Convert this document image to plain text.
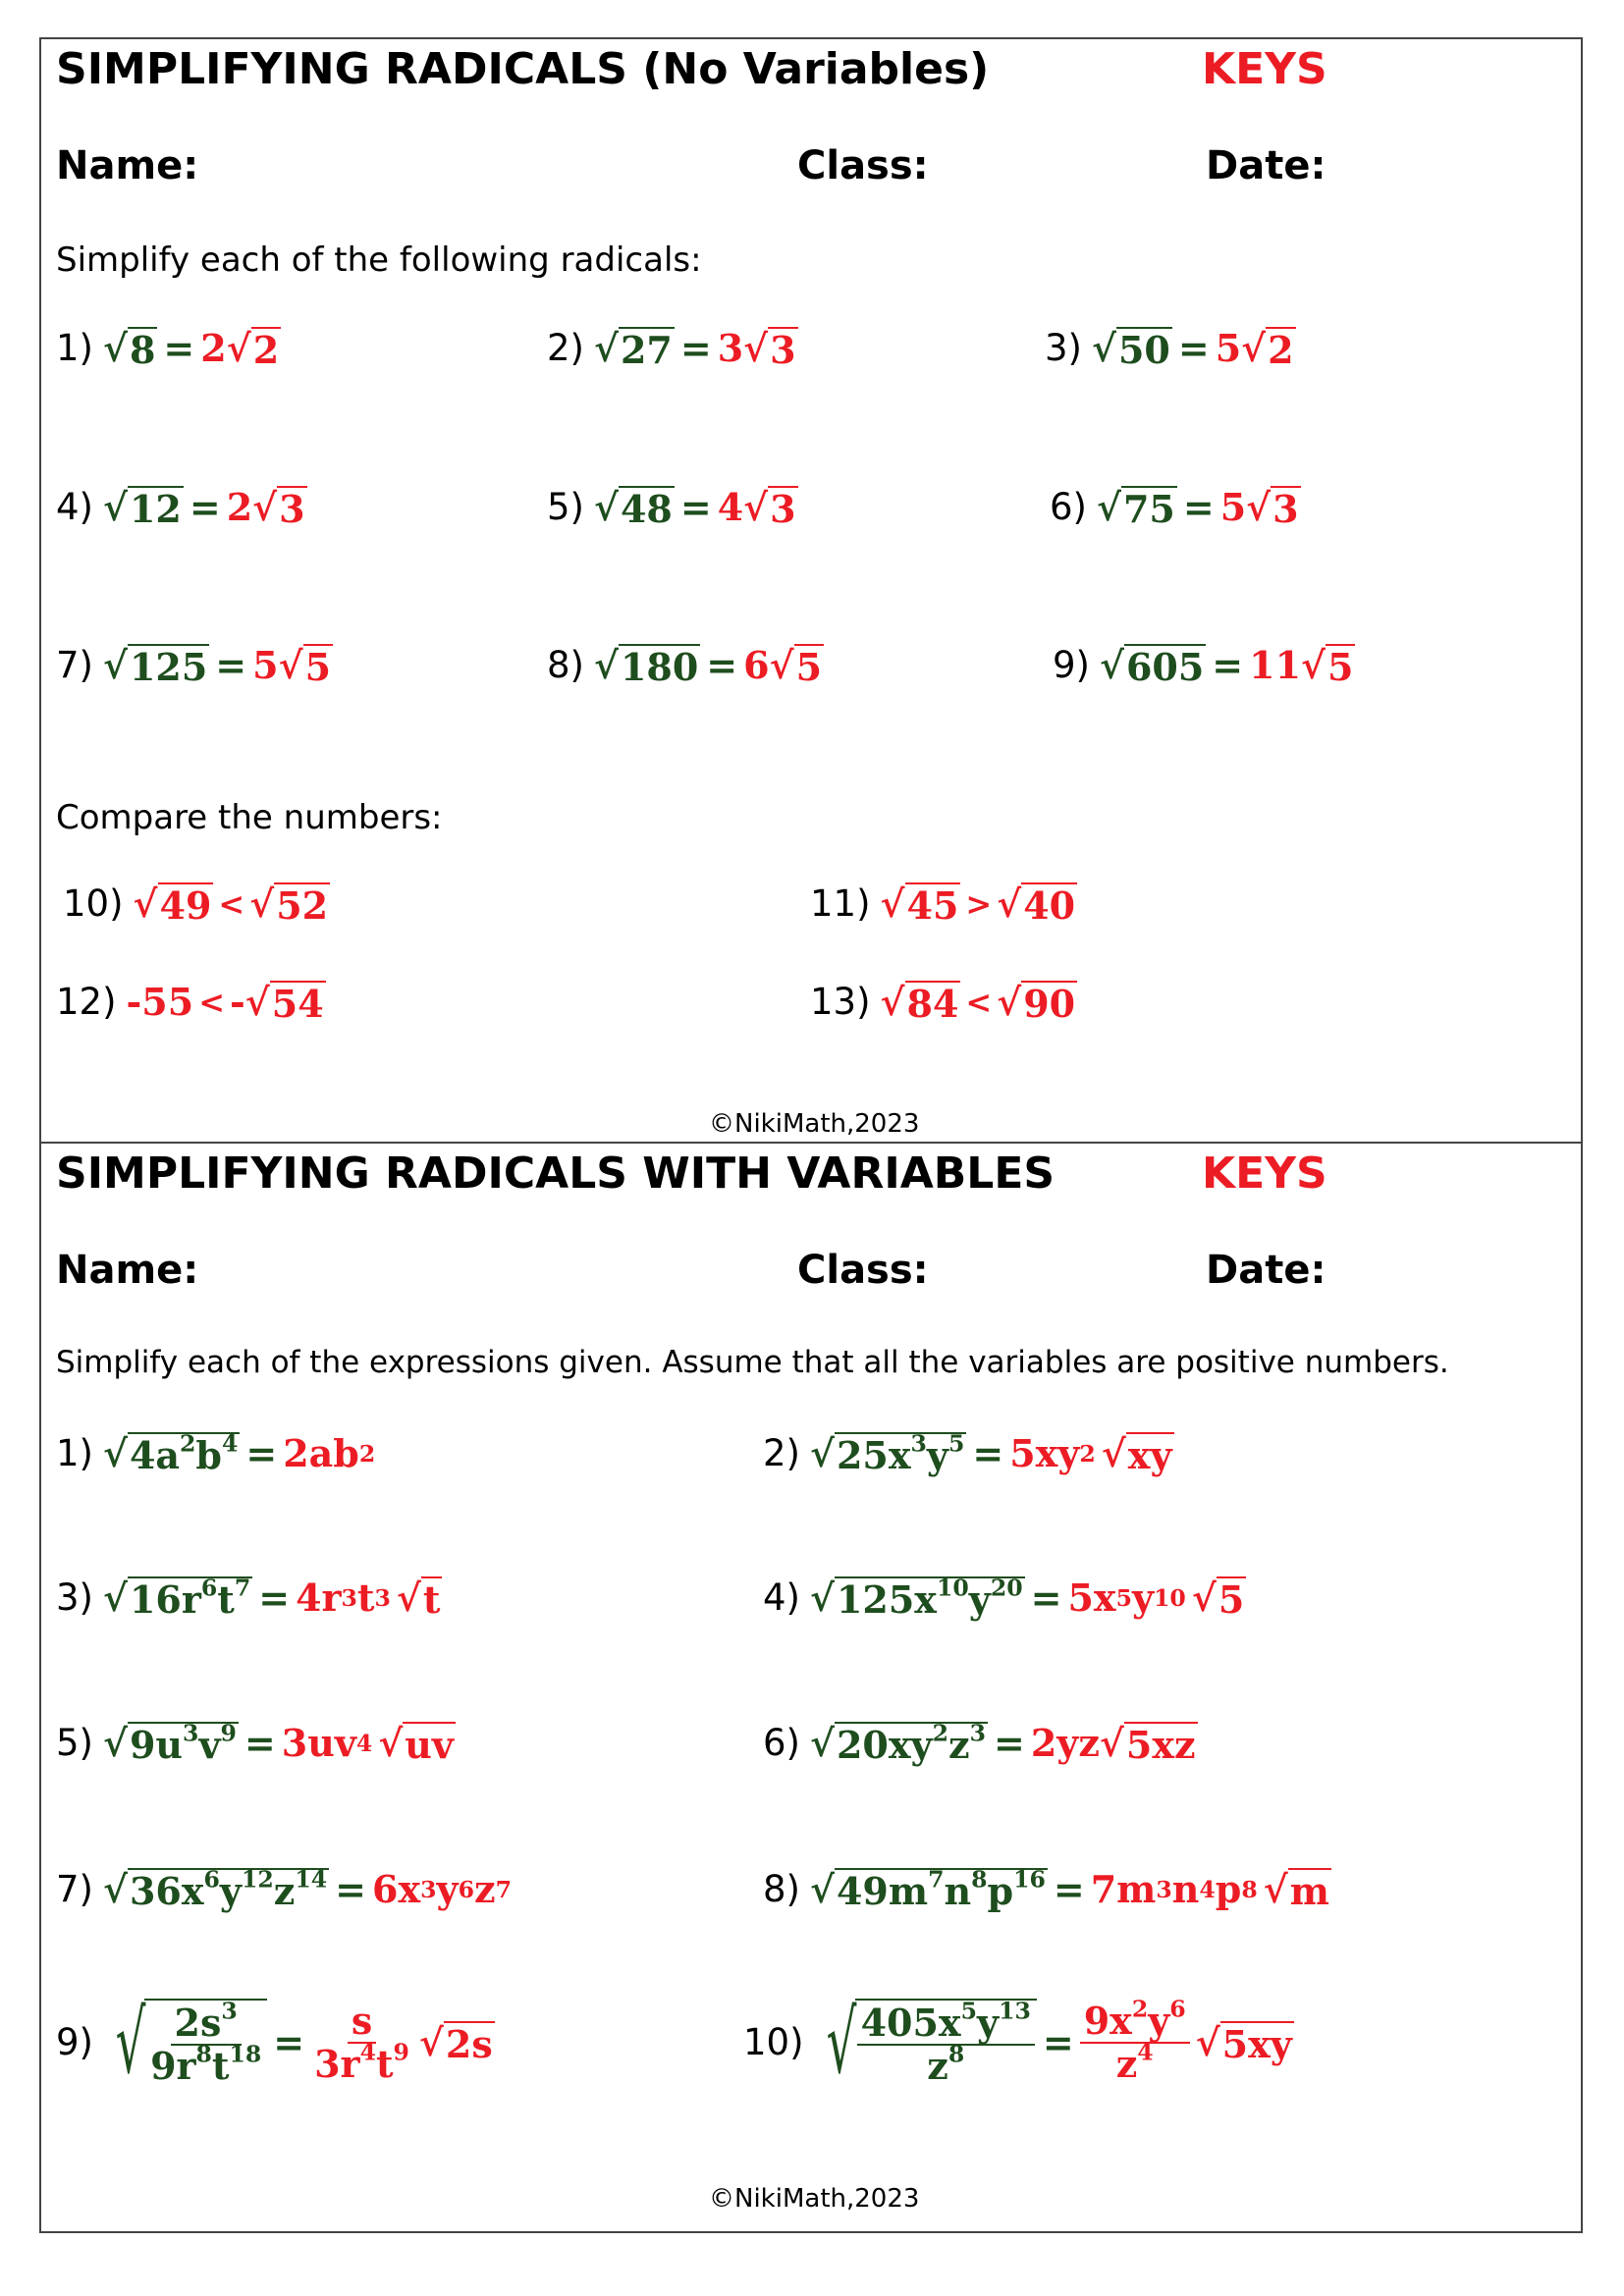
SIMPLIFYING RADICALS (No Variables)	KEYS
Name:	Class:	Date:
Simplify each of the following radicals:
1) √ 8 = 2 √ 2	2) √ 27 = 3 √ 3	3) √ 50 = 5 √ 2
4) √ 12 = 2 √ 3	5) √ 48 = 4 √ 3	6) √ 75 = 5 √ 3
7) √ 125 = 5 √ 5	8) √ 180 = 6 √ 5	9) √ 605 = 11 √ 5
Compare the numbers:
10) √ 49 < √ 52	11) √ 45 > √ 40
12) -55 < - √ 54	13) √ 84 < √ 90
©NikiMath,2023
SIMPLIFYING RADICALS WITH VARIABLES	KEYS
Name:	Class:	Date:
Simplify each of the expressions given. Assume that all the variables are positive numbers.
1) √ $4a^2b^4 = 2ab$ 2	2) √ $25x^3y^5 = 5xy$ 2 √ xy
3) √ $16r^6t^7 = 4r$ 3 t 3 √ t	4) √ $125x^{10}y^{20} = 5x$ 5 y 10 √ 5
5) √ $9u^3v^9 = 3uv$ 4 √ uv	6) √ $20xy^2z^3 = 2yz$ √ 5xz
7) √ $36x^6y^{12}z^{14} = 6x$ 3 y 6 z 7	8) √ $49m^7n^8p^{16} = 7m$ 3 n 4 p 8 √ m
9) √ $\frac{2s^3}{9r^8t^{18}} = \frac{s}{3r^4t^9}$ √ 2s	10) √ $\frac{405x^5y^{13}}{z^8} = \frac{9x^2y^6}{z^4}$ √ 5xy
©NikiMath,2023
